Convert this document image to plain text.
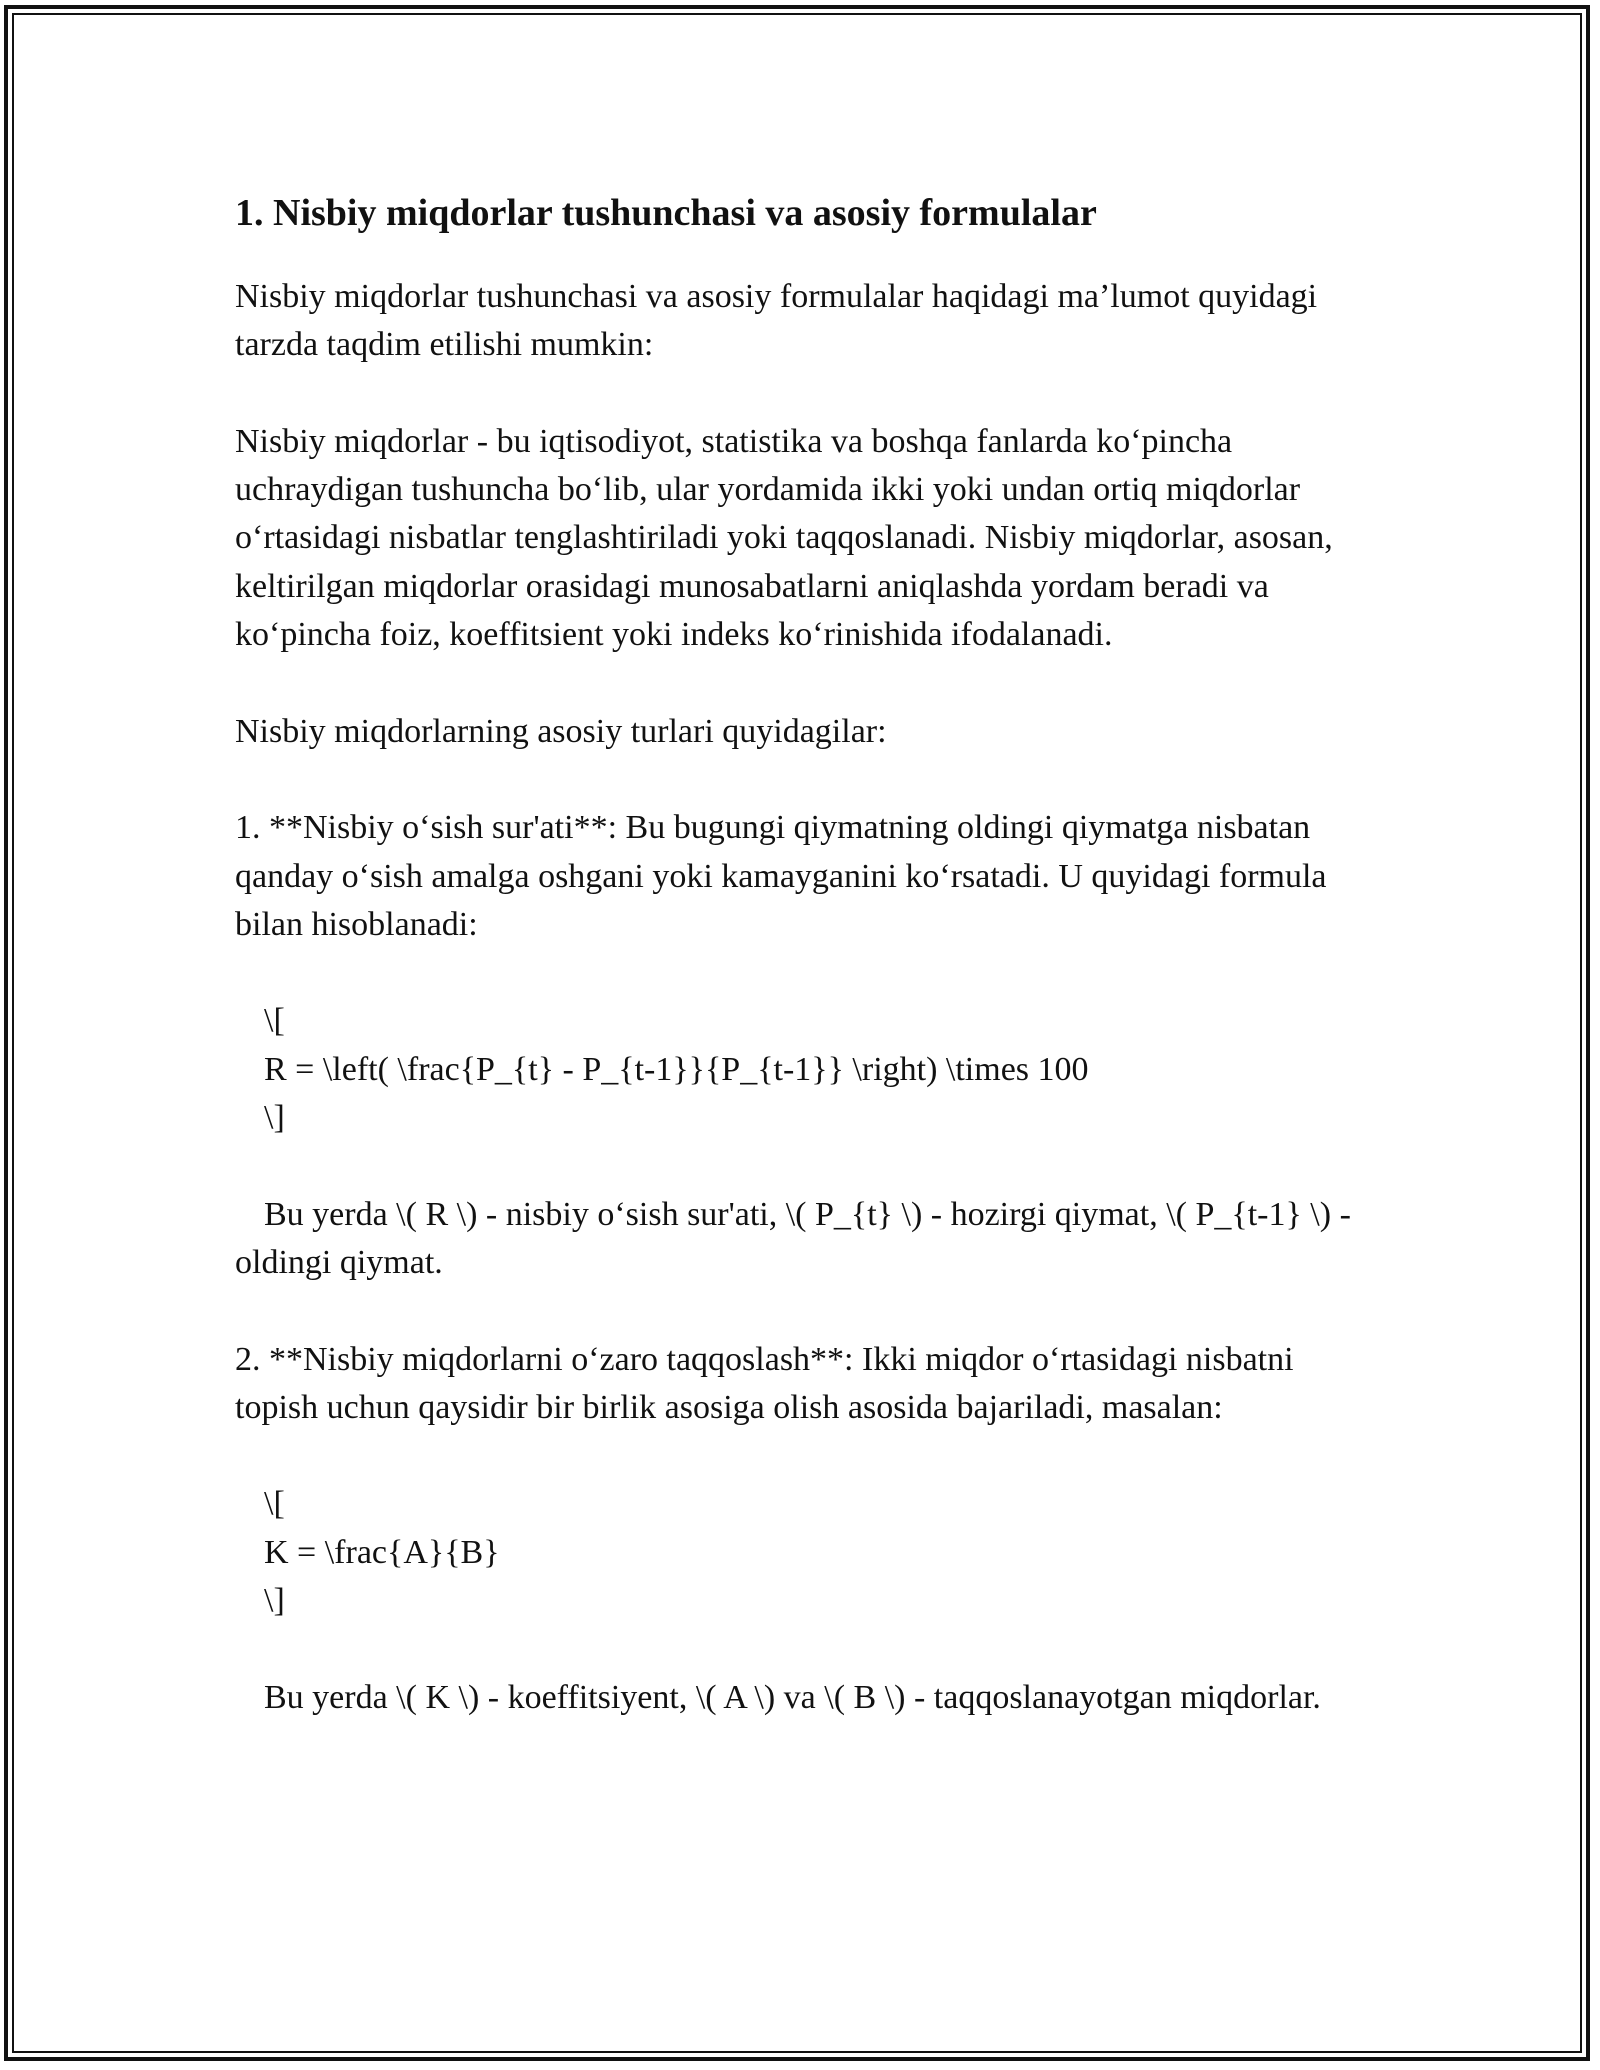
1. Nisbiy miqdorlar tushunchasi va asosiy formulalar

Nisbiy miqdorlar tushunchasi va asosiy formulalar haqidagi ma’lumot quyidagi tarzda taqdim etilishi mumkin:

Nisbiy miqdorlar - bu iqtisodiyot, statistika va boshqa fanlarda ko‘pincha uchraydigan tushuncha bo‘lib, ular yordamida ikki yoki undan ortiq miqdorlar o‘rtasidagi nisbatlar tenglashtiriladi yoki taqqoslanadi. Nisbiy miqdorlar, asosan, keltirilgan miqdorlar orasidagi munosabatlarni aniqlashda yordam beradi va ko‘pincha foiz, koeffitsient yoki indeks ko‘rinishida ifodalanadi.

Nisbiy miqdorlarning asosiy turlari quyidagilar:

1. **Nisbiy o‘sish sur'ati**: Bu bugungi qiymatning oldingi qiymatga nisbatan qanday o‘sish amalga oshgani yoki kamayganini ko‘rsatadi. U quyidagi formula bilan hisoblanadi:

\[

R = \left( \frac{P_{t} - P_{t-1}}{P_{t-1}} \right) \times 100

\]

Bu yerda \( R \) - nisbiy o‘sish sur'ati, \( P_{t} \) - hozirgi qiymat, \( P_{t-1} \) - oldingi qiymat.

2. **Nisbiy miqdorlarni o‘zaro taqqoslash**: Ikki miqdor o‘rtasidagi nisbatni topish uchun qaysidir bir birlik asosiga olish asosida bajariladi, masalan:

\[

K = \frac{A}{B}

\]

Bu yerda \( K \) - koeffitsiyent, \( A \) va \( B \) - taqqoslanayotgan miqdorlar.
